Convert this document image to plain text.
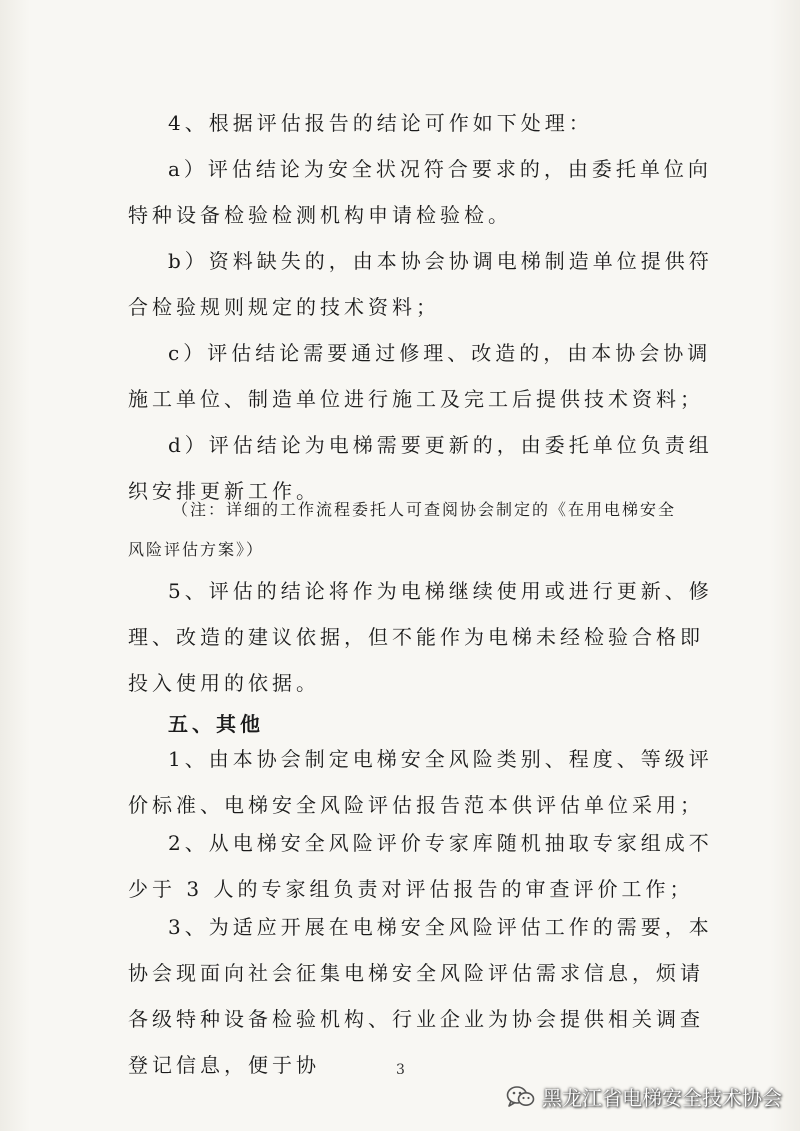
4、根据评估报告的结论可作如下处理：

a）评估结论为安全状况符合要求的，由委托单位向特种设备检验检测机构申请检验检。

b）资料缺失的，由本协会协调电梯制造单位提供符合检验规则规定的技术资料；

c）评估结论需要通过修理、改造的，由本协会协调施工单位、制造单位进行施工及完工后提供技术资料；

d）评估结论为电梯需要更新的，由委托单位负责组织安排更新工作。

（注：详细的工作流程委托人可查阅协会制定的《在用电梯安全风险评估方案》）

5、评估的结论将作为电梯继续使用或进行更新、修理、改造的建议依据，但不能作为电梯未经检验合格即投入使用的依据。

五、其他

1、由本协会制定电梯安全风险类别、程度、等级评价标准、电梯安全风险评估报告范本供评估单位采用；

2、从电梯安全风险评价专家库随机抽取专家组成不少于 3 人的专家组负责对评估报告的审查评价工作；

3、为适应开展在电梯安全风险评估工作的需要，本协会现面向社会征集电梯安全风险评估需求信息，烦请各级特种设备检验机构、行业企业为协会提供相关调查登记信息，便于协	3
黑龙江省电梯安全技术协会
